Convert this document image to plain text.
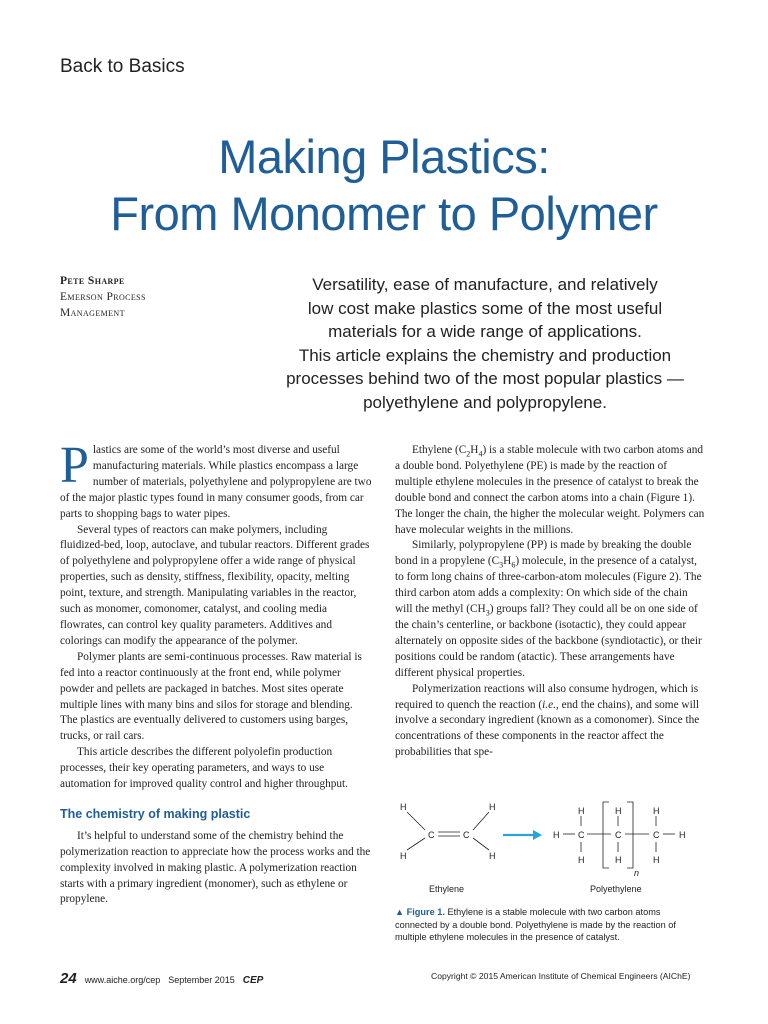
Back to Basics
Making Plastics:
From Monomer to Polymer
Pete Sharpe
Emerson Process
Management

Versatility, ease of manufacture, and relatively

low cost make plastics some of the most useful

materials for a wide range of applications.

This article explains the chemistry and production

processes behind two of the most popular plastics —

polyethylene and polypropylene.

Plastics are some of the world’s most diverse and useful manufacturing materials. While plastics encompass a large number of materials, polyethylene and polypropylene are two of the major plastic types found in many consumer goods, from car parts to shopping bags to water pipes.

Several types of reactors can make polymers, including fluidized-bed, loop, autoclave, and tubular reactors. Different grades of polyethylene and polypropylene offer a wide range of physical properties, such as density, stiffness, flexibility, opacity, melting point, texture, and strength. Manipulating variables in the reactor, such as monomer, comonomer, catalyst, and cooling media flowrates, can control key quality parameters. Additives and colorings can modify the appearance of the polymer.

Polymer plants are semi-continuous processes. Raw material is fed into a reactor continuously at the front end, while polymer powder and pellets are packaged in batches. Most sites operate multiple lines with many bins and silos for storage and blending. The plastics are eventually delivered to customers using barges, trucks, or rail cars.

This article describes the different polyolefin production processes, their key operating parameters, and ways to use automation for improved quality control and higher throughput.

The chemistry of making plastic

It’s helpful to understand some of the chemistry behind the polymerization reaction to appreciate how the process works and the complexity involved in making plastic. A polymerization reaction starts with a primary ingredient (monomer), such as ethylene or propylene.

Ethylene $(C_2H_4)$ is a stable molecule with two carbon atoms and a double bond. Polyethylene (PE) is made by the reaction of multiple ethylene molecules in the presence of catalyst to break the double bond and connect the carbon atoms into a chain (Figure 1). The longer the chain, the higher the molecular weight. Polymers can have molecular weights in the millions.

Similarly, polypropylene (PP) is made by breaking the double bond in a propylene $(C_3H_6)$ molecule, in the presence of a catalyst, to form long chains of three-carbon-atom molecules (Figure 2). The third carbon atom adds a complexity: On which side of the chain will the methyl $(CH_3)$ groups fall? They could all be on one side of the chain’s centerline, or backbone (isotactic), they could appear alternately on opposite sides of the backbone (syndiotactic), or their positions could be random (atactic). These arrangements have different physical properties.

Polymerization reactions will also consume hydrogen, which is required to quench the reaction (i.e., end the chains), and some will involve a secondary ingredient (known as a comonomer). Since the concentrations of these components in the reactor affect the probabilities that spe-

H
H
C	C
H
H
H C
H
H
C
H
H
C
H
H
H
n
Ethylene	Polyethylene
▲ Figure 1. Ethylene is a stable molecule with two carbon atoms connected by a double bond. Polyethylene is made by the reaction of multiple ethylene molecules in the presence of catalyst.
24 www.aiche.org/cep September 2015 CEP	Copyright © 2015 American Institute of Chemical Engineers (AIChE)
